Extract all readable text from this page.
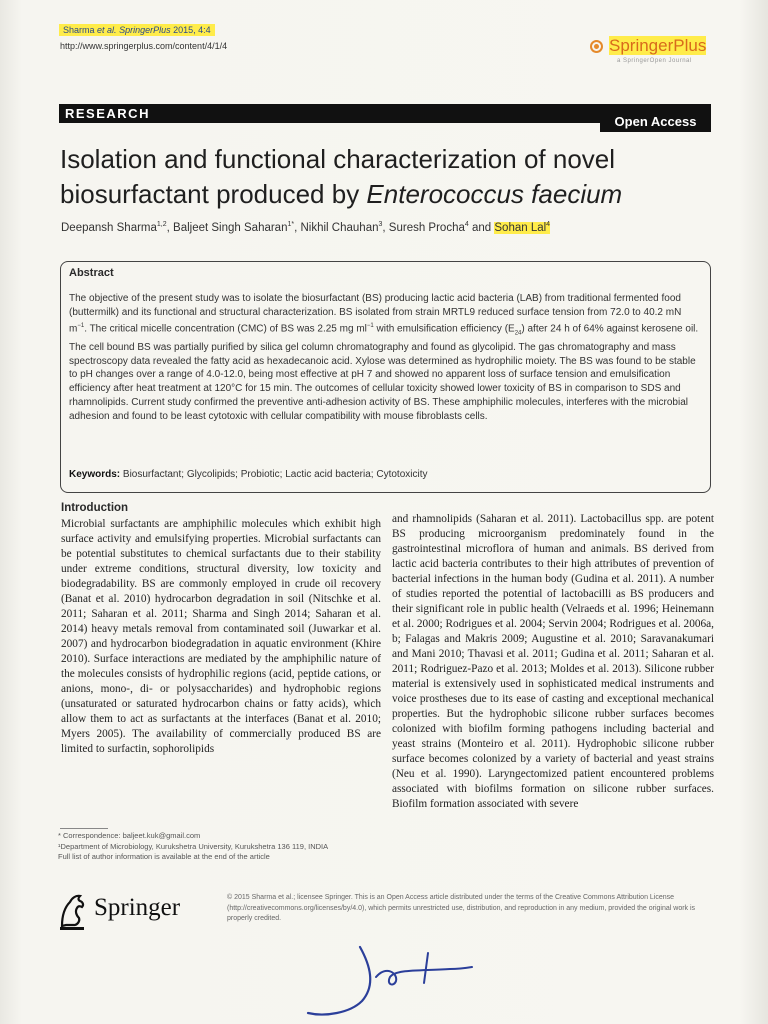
Sharma et al. SpringerPlus 2015, 4:4
http://www.springerplus.com/content/4/1/4	SpringerPlus
a SpringerOpen Journal
RESEARCH
Open Access
Isolation and functional characterization of novel biosurfactant produced by Enterococcus faecium
Deepansh Sharma$^{1,2}$, Baljeet Singh Saharan$^{1*}$, Nikhil Chauhan$^3$, Suresh Procha$^4$ and Sohan Lal$^4$
Abstract
The objective of the present study was to isolate the biosurfactant (BS) producing lactic acid bacteria (LAB) from traditional fermented food (buttermilk) and its functional and structural characterization. BS isolated from strain MRTL9 reduced surface tension from 72.0 to 40.2 mN $m^{-1}$. The critical micelle concentration (CMC) of BS was 2.25 mg $ml^{-1}$ with emulsification efficiency $(E_{24})$ after 24 h of 64% against kerosene oil. The cell bound BS was partially purified by silica gel column chromatography and found as glycolipid. The gas chromatography and mass spectroscopy data revealed the fatty acid as hexadecanoic acid. Xylose was determined as hydrophilic moiety. The BS was found to be stable to pH changes over a range of 4.0-12.0, being most effective at pH 7 and showed no apparent loss of surface tension and emulsification efficiency after heat treatment at 120°C for 15 min. The outcomes of cellular toxicity showed lower toxicity of BS in comparison to SDS and rhamnolipids. Current study confirmed the preventive anti-adhesion activity of BS. These amphiphilic molecules, interferes with the microbial adhesion and found to be least cytotoxic with cellular compatibility with mouse fibroblasts cells.
Keywords: Biosurfactant; Glycolipids; Probiotic; Lactic acid bacteria; Cytotoxicity
Introduction
Microbial surfactants are amphiphilic molecules which exhibit high surface activity and emulsifying properties. Microbial surfactants can be potential substitutes to chemical surfactants due to their stability under extreme conditions, structural diversity, low toxicity and biodegradability. BS are commonly employed in crude oil recovery (Banat et al. 2010) hydrocarbon degradation in soil (Nitschke et al. 2011; Saharan et al. 2011; Sharma and Singh 2014; Saharan et al. 2014) heavy metals removal from contaminated soil (Juwarkar et al. 2007) and hydrocarbon biodegradation in aquatic environment (Khire 2010). Surface interactions are mediated by the amphiphilic nature of the molecules consists of hydrophilic regions (acid, peptide cations, or anions, mono-, di- or polysaccharides) and hydrophobic regions (unsaturated or saturated hydrocarbon chains or fatty acids), which allow them to act as surfactants at the interfaces (Banat et al. 2010; Myers 2005). The availability of commercially produced BS are limited to surfactin, sophorolipids
and rhamnolipids (Saharan et al. 2011). Lactobacillus spp. are potent BS producing microorganism predominately found in the gastrointestinal microflora of human and animals. BS derived from lactic acid bacteria contributes to their high attributes of prevention of bacterial infections in the human body (Gudina et al. 2011). A number of studies reported the potential of lactobacilli as BS producers and their significant role in public health (Velraeds et al. 1996; Heinemann et al. 2000; Rodrigues et al. 2004; Servin 2004; Rodrigues et al. 2006a, b; Falagas and Makris 2009; Augustine et al. 2010; Saravanakumari and Mani 2010; Thavasi et al. 2011; Gudina et al. 2011; Saharan et al. 2011; Rodriguez-Pazo et al. 2013; Moldes et al. 2013). Silicone rubber material is extensively used in sophisticated medical instruments and voice prostheses due to its ease of casting and exceptional mechanical properties. But the hydrophobic silicone rubber surfaces becomes colonized with biofilm forming pathogens including bacterial and yeast strains (Monteiro et al. 2011). Hydrophobic silicone rubber surface becomes colonized by a variety of bacterial and yeast strains (Neu et al. 1990). Laryngectomized patient encountered problems associated with biofilms formation on silicone rubber surfaces. Biofilm formation associated with severe
* Correspondence: baljeet.kuk@gmail.com
¹Department of Microbiology, Kurukshetra University, Kurukshetra 136 119, INDIA
Full list of author information is available at the end of the article
Springer	© 2015 Sharma et al.; licensee Springer. This is an Open Access article distributed under the terms of the Creative Commons Attribution License (http://creativecommons.org/licenses/by/4.0), which permits unrestricted use, distribution, and reproduction in any medium, provided the original work is properly credited.
